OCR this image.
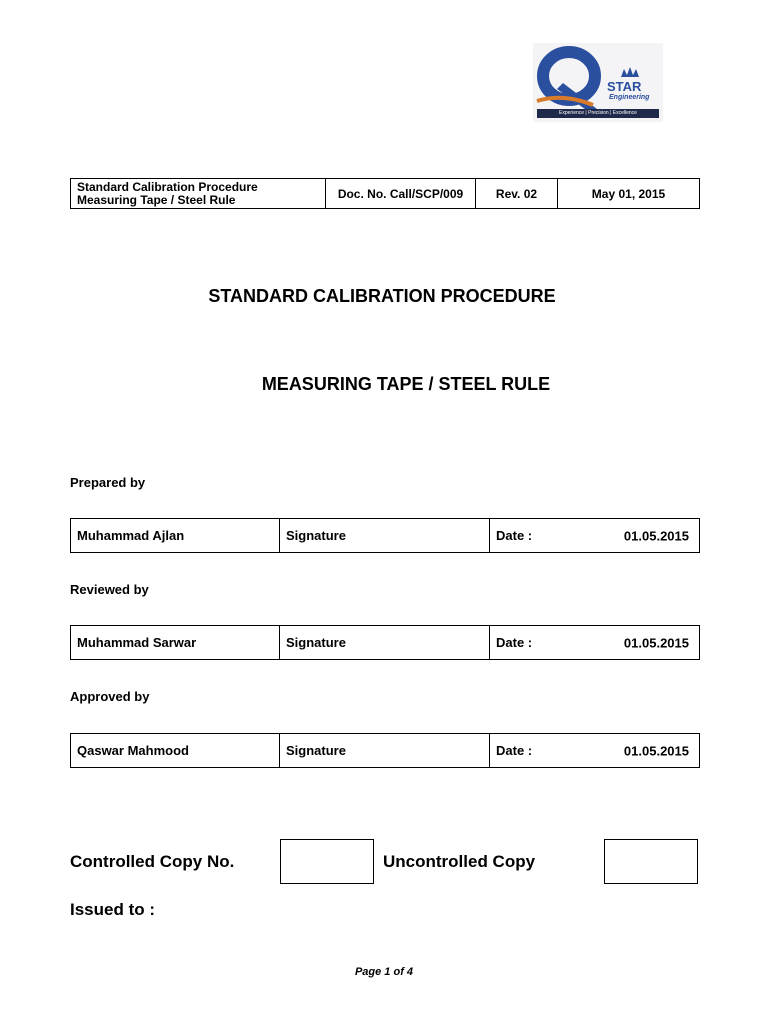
STAR
Engineering
Experience | Precision | Excellence
Standard Calibration Procedure
Measuring Tape / Steel Rule	Doc. No. Call/SCP/009	Rev. 02	May 01, 2015
STANDARD CALIBRATION PROCEDURE
MEASURING TAPE / STEEL RULE
Prepared by
Muhammad Ajlan	Signature	Date :	01.05.2015
Reviewed by
Muhammad Sarwar	Signature	Date :	01.05.2015
Approved by
Qaswar Mahmood	Signature	Date :	01.05.2015
Controlled Copy No.	Uncontrolled Copy
Issued to :
Page 1 of 4
